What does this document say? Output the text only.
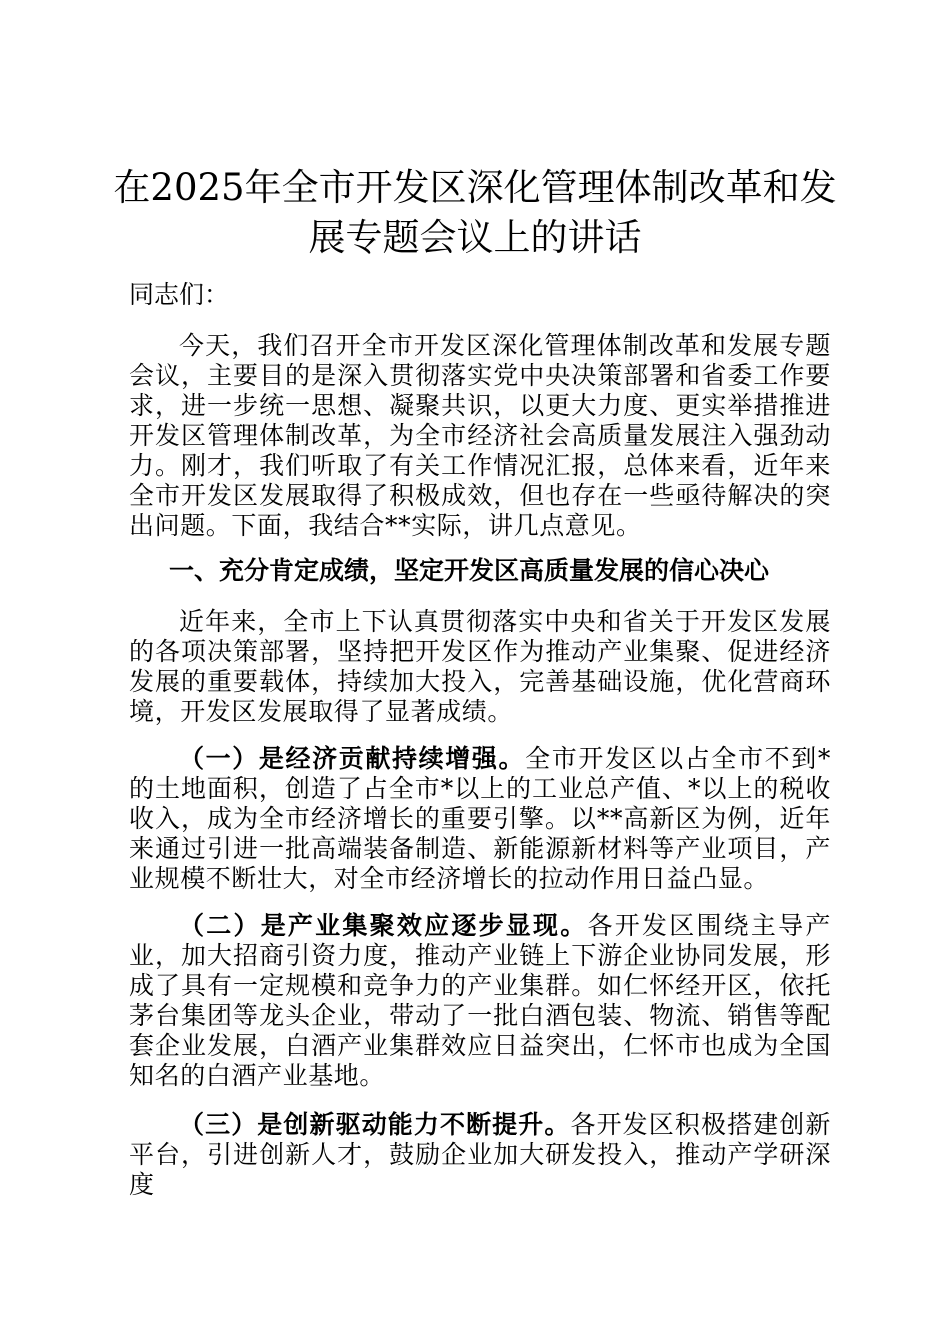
在2025年全市开发区深化管理体制改革和发展专题会议上的讲话

同志们：

今天，我们召开全市开发区深化管理体制改革和发展专题会议，主要目的是深入贯彻落实党中央决策部署和省委工作要求，进一步统一思想、凝聚共识，以更大力度、更实举措推进开发区管理体制改革，为全市经济社会高质量发展注入强劲动力。刚才，我们听取了有关工作情况汇报，总体来看，近年来全市开发区发展取得了积极成效，但也存在一些亟待解决的突出问题。下面，我结合**实际，讲几点意见。

一、充分肯定成绩，坚定开发区高质量发展的信心决心

近年来，全市上下认真贯彻落实中央和省关于开发区发展的各项决策部署，坚持把开发区作为推动产业集聚、促进经济发展的重要载体，持续加大投入，完善基础设施，优化营商环境，开发区发展取得了显著成绩。

（一）是经济贡献持续增强。全市开发区以占全市不到*的土地面积，创造了占全市*以上的工业总产值、*以上的税收收入，成为全市经济增长的重要引擎。以**高新区为例，近年来通过引进一批高端装备制造、新能源新材料等产业项目，产业规模不断壮大，对全市经济增长的拉动作用日益凸显。

（二）是产业集聚效应逐步显现。各开发区围绕主导产业，加大招商引资力度，推动产业链上下游企业协同发展，形成了具有一定规模和竞争力的产业集群。如仁怀经开区，依托茅台集团等龙头企业，带动了一批白酒包装、物流、销售等配套企业发展，白酒产业集群效应日益突出，仁怀市也成为全国知名的白酒产业基地。

（三）是创新驱动能力不断提升。各开发区积极搭建创新平台，引进创新人才，鼓励企业加大研发投入，推动产学研深度
